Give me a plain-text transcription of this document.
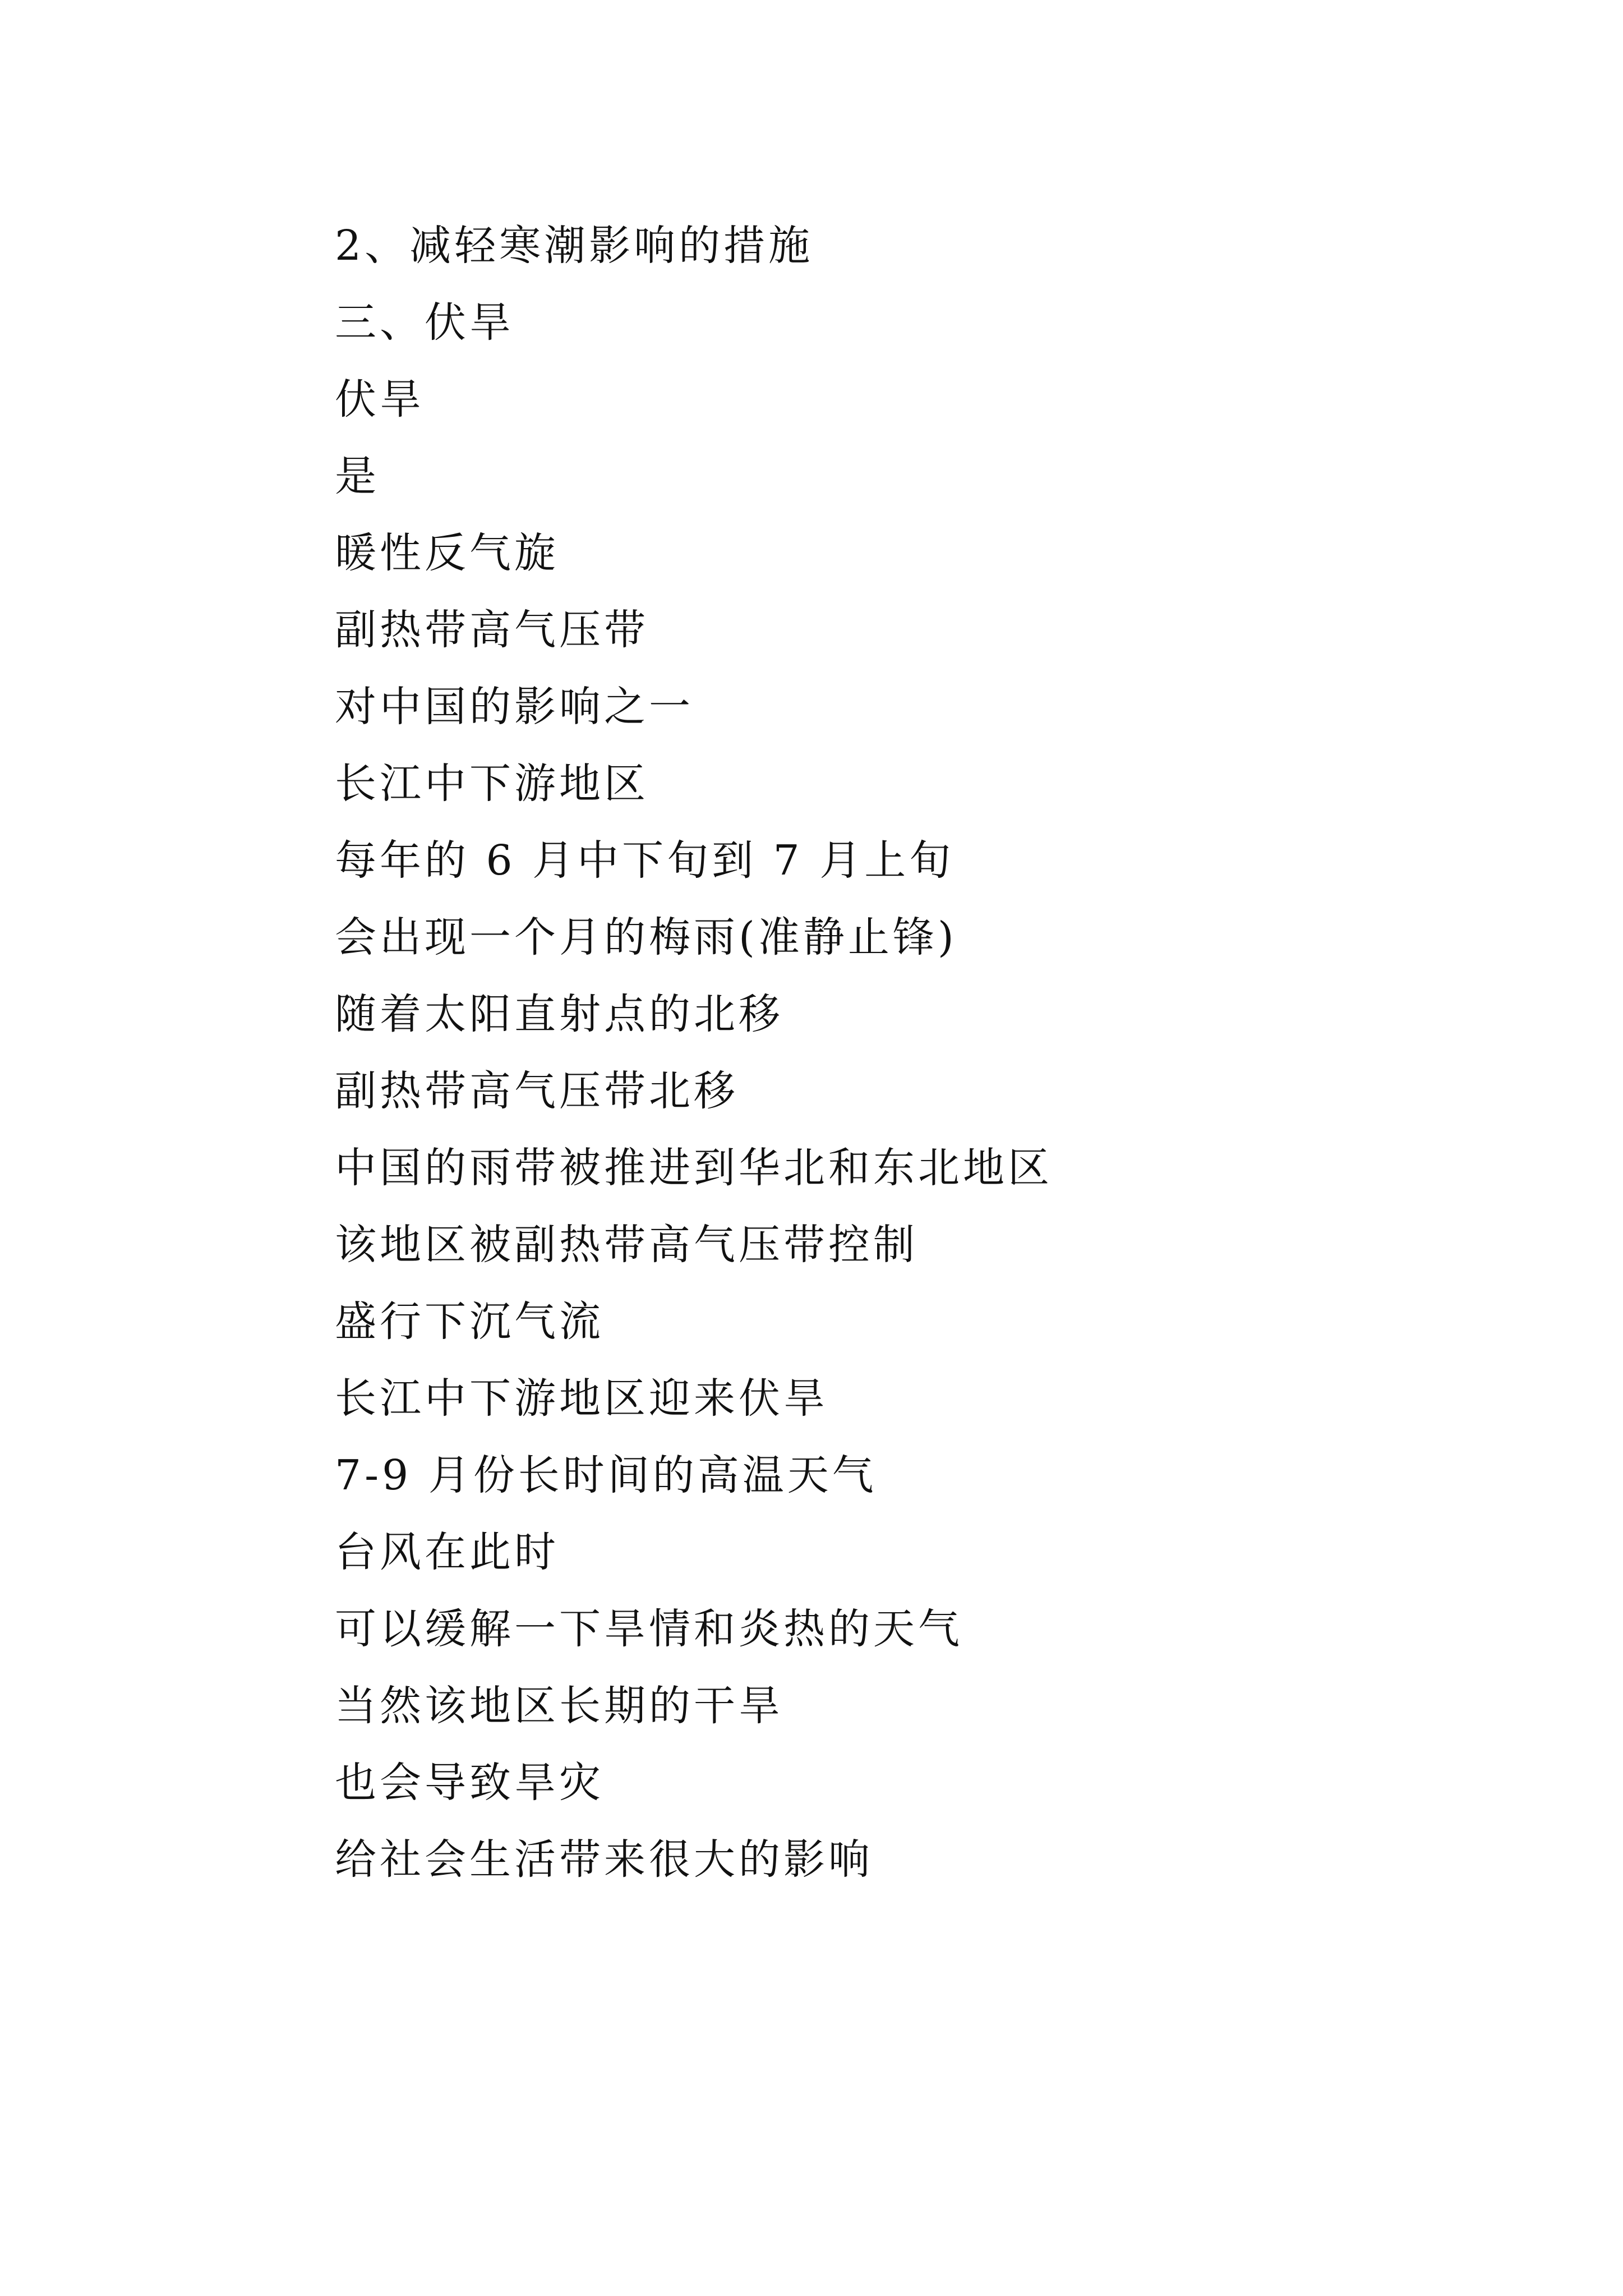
2、减轻寒潮影响的措施
三、伏旱
伏旱
是
暖性反气旋
副热带高气压带
对中国的影响之一
长江中下游地区
每年的 6 月中下旬到 7 月上旬
会出现一个月的梅雨(准静止锋)
随着太阳直射点的北移
副热带高气压带北移
中国的雨带被推进到华北和东北地区
该地区被副热带高气压带控制
盛行下沉气流
长江中下游地区迎来伏旱
7-9 月份长时间的高温天气
台风在此时
可以缓解一下旱情和炎热的天气
当然该地区长期的干旱
也会导致旱灾
给社会生活带来很大的影响
